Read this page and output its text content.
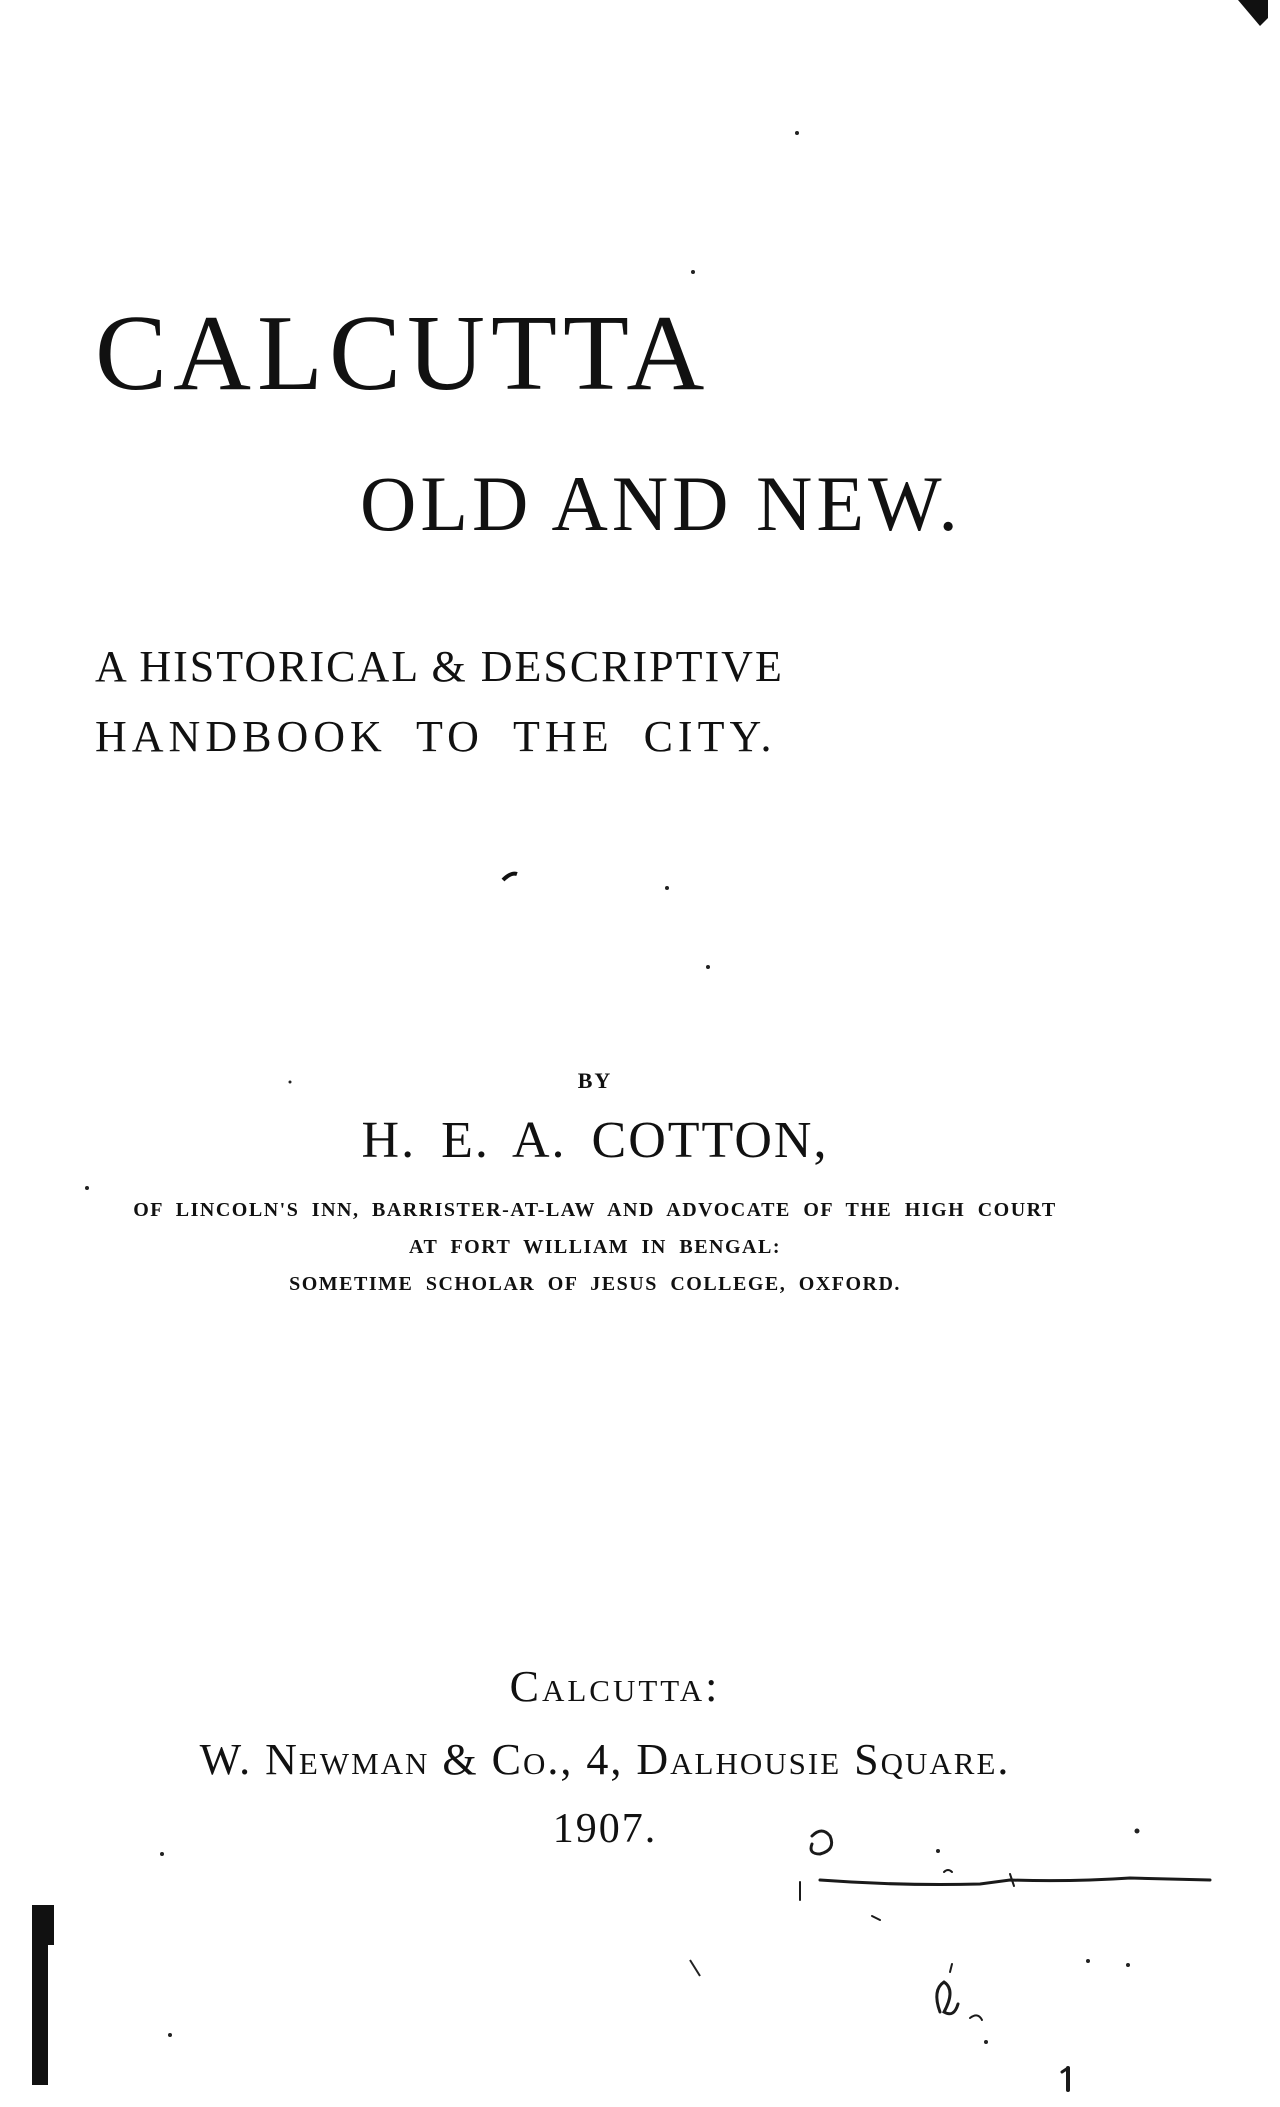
CALCUTTA
OLD AND NEW.
A HISTORICAL & DESCRIPTIVE
HANDBOOK TO THE CITY.
BY
H. E. A. COTTON,
OF LINCOLN'S INN, BARRISTER-AT-LAW AND ADVOCATE OF THE HIGH COURT
AT FORT WILLIAM IN BENGAL:
SOMETIME SCHOLAR OF JESUS COLLEGE, OXFORD.
Calcutta:
W. Newman & Co., 4, Dalhousie Square.
1907.
